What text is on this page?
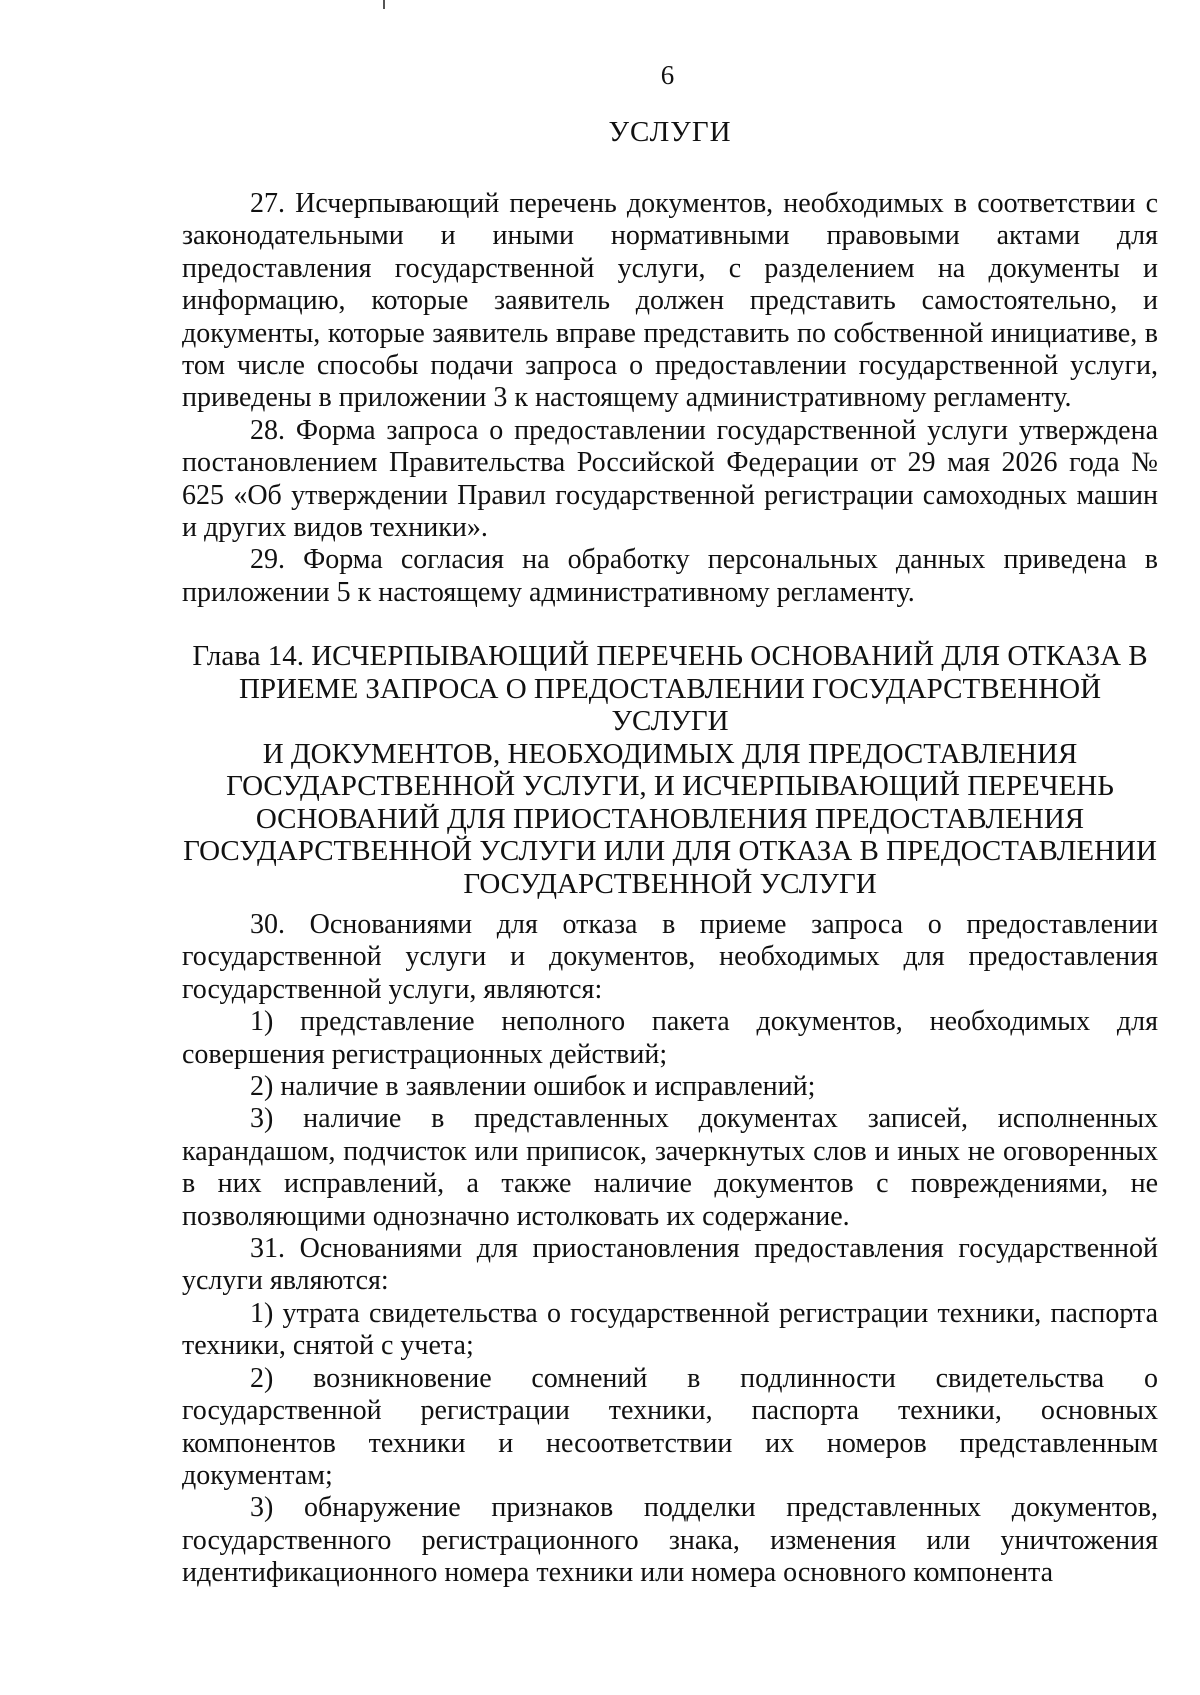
6
УСЛУГИ

27. Исчерпывающий перечень документов, необходимых в соответствии с законодательными и иными нормативными правовыми актами для предоставления государственной услуги, с разделением на документы и информацию, которые заявитель должен представить самостоятельно, и документы, которые заявитель вправе представить по собственной инициативе, в том числе способы подачи запроса о предоставлении государственной услуги, приведены в приложении 3 к настоящему административному регламенту.

28. Форма запроса о предоставлении государственной услуги утверждена постановлением Правительства Российской Федерации от 29 мая 2026 года № 625 «Об утверждении Правил государственной регистрации самоходных машин и других видов техники».

29. Форма согласия на обработку персональных данных приведена в приложении 5 к настоящему административному регламенту.

Глава 14. ИСЧЕРПЫВАЮЩИЙ ПЕРЕЧЕНЬ ОСНОВАНИЙ ДЛЯ ОТКАЗА В
ПРИЕМЕ ЗАПРОСА О ПРЕДОСТАВЛЕНИИ ГОСУДАРСТВЕННОЙ УСЛУГИ
И ДОКУМЕНТОВ, НЕОБХОДИМЫХ ДЛЯ ПРЕДОСТАВЛЕНИЯ
ГОСУДАРСТВЕННОЙ УСЛУГИ, И ИСЧЕРПЫВАЮЩИЙ ПЕРЕЧЕНЬ
ОСНОВАНИЙ ДЛЯ ПРИОСТАНОВЛЕНИЯ ПРЕДОСТАВЛЕНИЯ
ГОСУДАРСТВЕННОЙ УСЛУГИ ИЛИ ДЛЯ ОТКАЗА В ПРЕДОСТАВЛЕНИИ
ГОСУДАРСТВЕННОЙ УСЛУГИ

30. Основаниями для отказа в приеме запроса о предоставлении государственной услуги и документов, необходимых для предоставления государственной услуги, являются:

1) представление неполного пакета документов, необходимых для совершения регистрационных действий;

2) наличие в заявлении ошибок и исправлений;

3) наличие в представленных документах записей, исполненных карандашом, подчисток или приписок, зачеркнутых слов и иных не оговоренных в них исправлений, а также наличие документов с повреждениями, не позволяющими однозначно истолковать их содержание.

31. Основаниями для приостановления предоставления государственной услуги являются:

1) утрата свидетельства о государственной регистрации техники, паспорта техники, снятой с учета;

2) возникновение сомнений в подлинности свидетельства о государственной регистрации техники, паспорта техники, основных компонентов техники и несоответствии их номеров представленным документам;

3) обнаружение признаков подделки представленных документов, государственного регистрационного знака, изменения или уничтожения идентификационного номера техники или номера основного компонента
